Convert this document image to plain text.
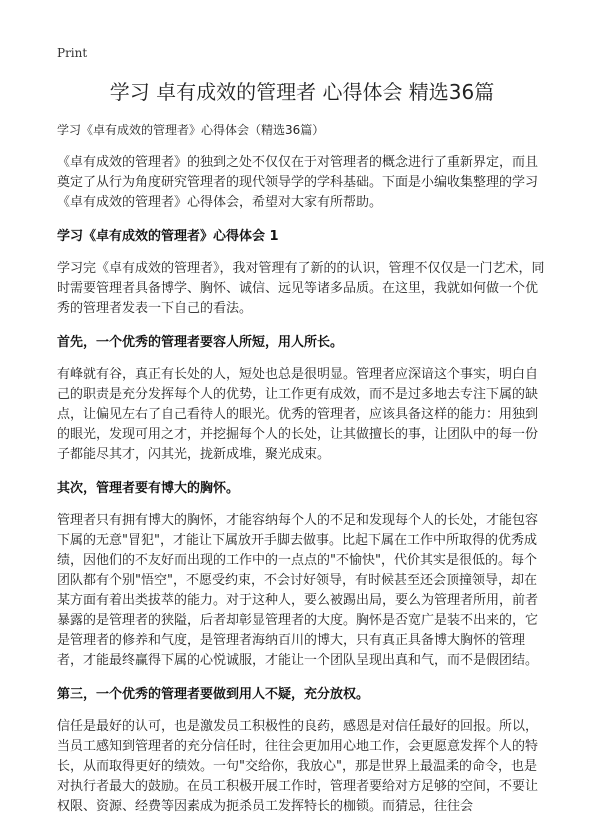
Print
学习 卓有成效的管理者 心得体会 精选36篇
学习《卓有成效的管理者》心得体会（精选36篇）

《卓有成效的管理者》的独到之处不仅仅在于对管理者的概念进行了重新界定，而且奠定了从行为角度研究管理者的现代领导学的学科基础。下面是小编收集整理的学习《卓有成效的管理者》心得体会，希望对大家有所帮助。

学习《卓有成效的管理者》心得体会 1

学习完《卓有成效的管理者》，我对管理有了新的的认识，管理不仅仅是一门艺术，同时需要管理者具备博学、胸怀、诚信、远见等诸多品质。在这里，我就如何做一个优秀的管理者发表一下自己的看法。

首先，一个优秀的管理者要容人所短，用人所长。

有峰就有谷，真正有长处的人，短处也总是很明显。管理者应深谙这个事实，明白自己的职责是充分发挥每个人的优势，让工作更有成效，而不是过多地去专注下属的缺点，让偏见左右了自己看待人的眼光。优秀的管理者，应该具备这样的能力：用独到的眼光，发现可用之才，并挖掘每个人的长处，让其做擅长的事，让团队中的每一份子都能尽其才，闪其光，拢新成堆，聚光成束。

其次，管理者要有博大的胸怀。

管理者只有拥有博大的胸怀，才能容纳每个人的不足和发现每个人的长处，才能包容下属的无意"冒犯"，才能让下属放开手脚去做事。比起下属在工作中所取得的优秀成绩，因他们的不友好而出现的工作中的一点点的"不愉快"，代价其实是很低的。每个团队都有个别"悟空"，不愿受约束，不会讨好领导，有时候甚至还会顶撞领导，却在某方面有着出类拔萃的能力。对于这种人，要么被踢出局，要么为管理者所用，前者暴露的是管理者的狭隘，后者却彰显管理者的大度。胸怀是否宽广是装不出来的，它是管理者的修养和气度，是管理者海纳百川的博大，只有真正具备博大胸怀的管理者，才能最终赢得下属的心悦诚服，才能让一个团队呈现出真和气，而不是假团结。

第三，一个优秀的管理者要做到用人不疑，充分放权。

信任是最好的认可，也是激发员工积极性的良药，感恩是对信任最好的回报。所以，当员工感知到管理者的充分信任时，往往会更加用心地工作，会更愿意发挥个人的特长，从而取得更好的绩效。一句"交给你，我放心"，那是世界上最温柔的命令，也是对执行者最大的鼓励。在员工积极开展工作时，管理者要给对方足够的空间，不要让权限、资源、经费等因素成为扼杀员工发挥特长的枷锁。而猜忌，往往会
